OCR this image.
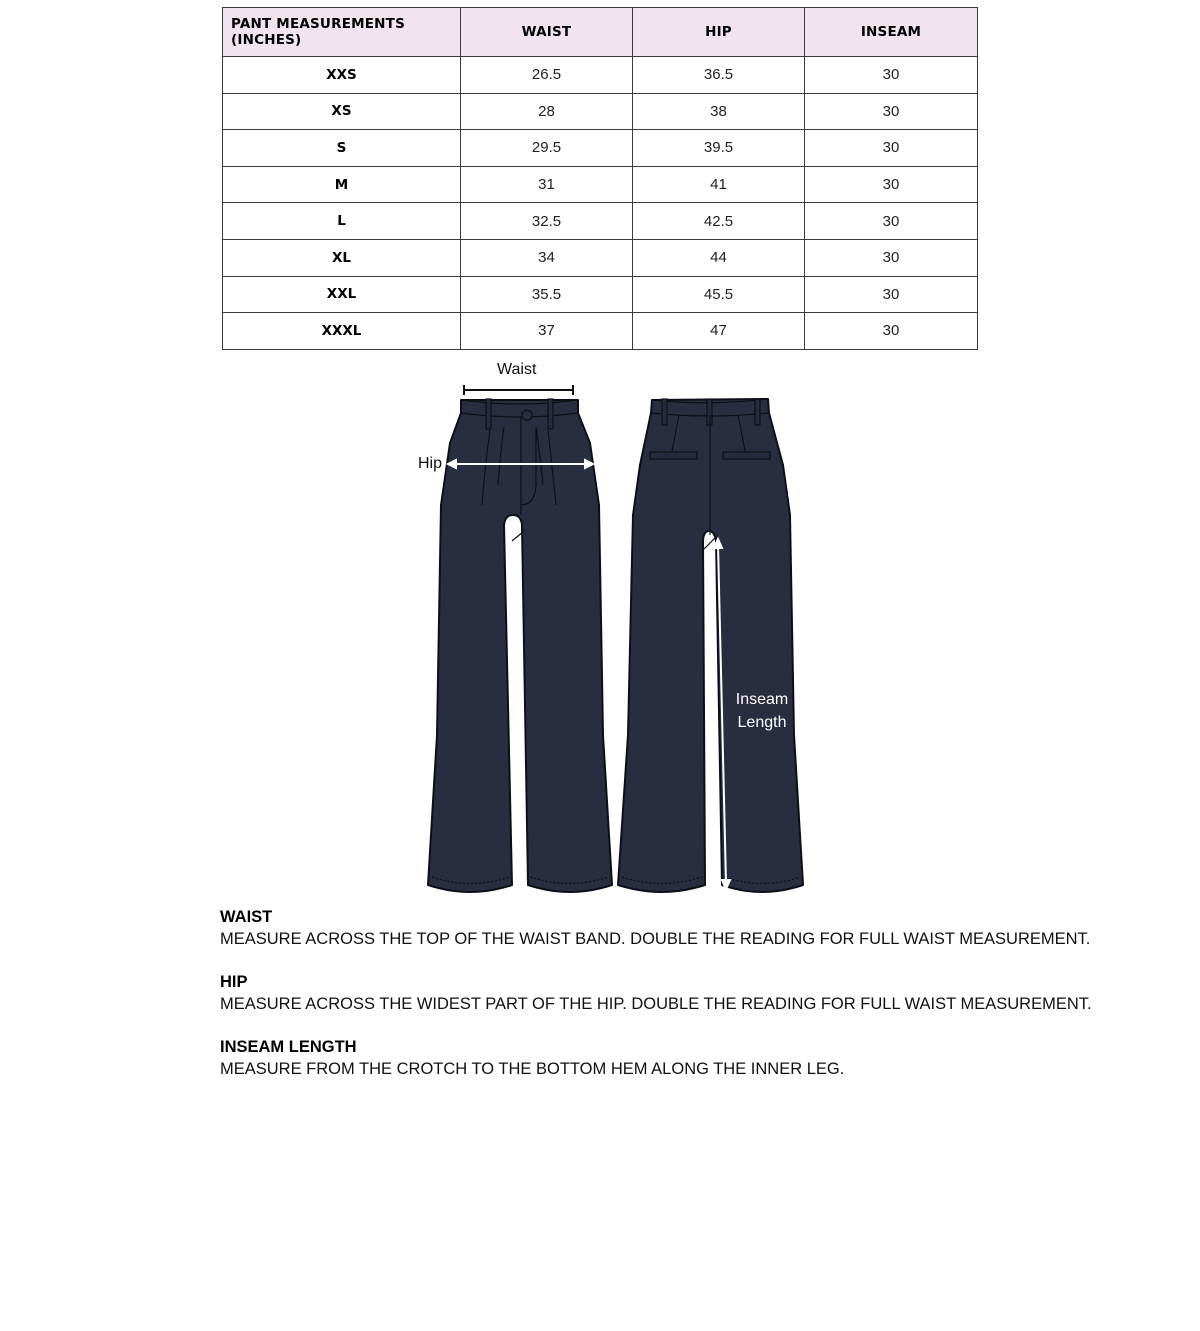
PANT MEASUREMENTS (INCHES)	WAIST	HIP	INSEAM
XXS	26.5	36.5	30
XS	28	38	30
S	29.5	39.5	30
M	31	41	30
L	32.5	42.5	30
XL	34	44	30
XXL	35.5	45.5	30
XXXL	37	47	30
Waist
Hip
Inseam
Length
WAIST
MEASURE ACROSS THE TOP OF THE WAIST BAND. DOUBLE THE READING FOR FULL WAIST MEASUREMENT.
HIP
MEASURE ACROSS THE WIDEST PART OF THE HIP. DOUBLE THE READING FOR FULL WAIST MEASUREMENT.
INSEAM LENGTH
MEASURE FROM THE CROTCH TO THE BOTTOM HEM ALONG THE INNER LEG.
